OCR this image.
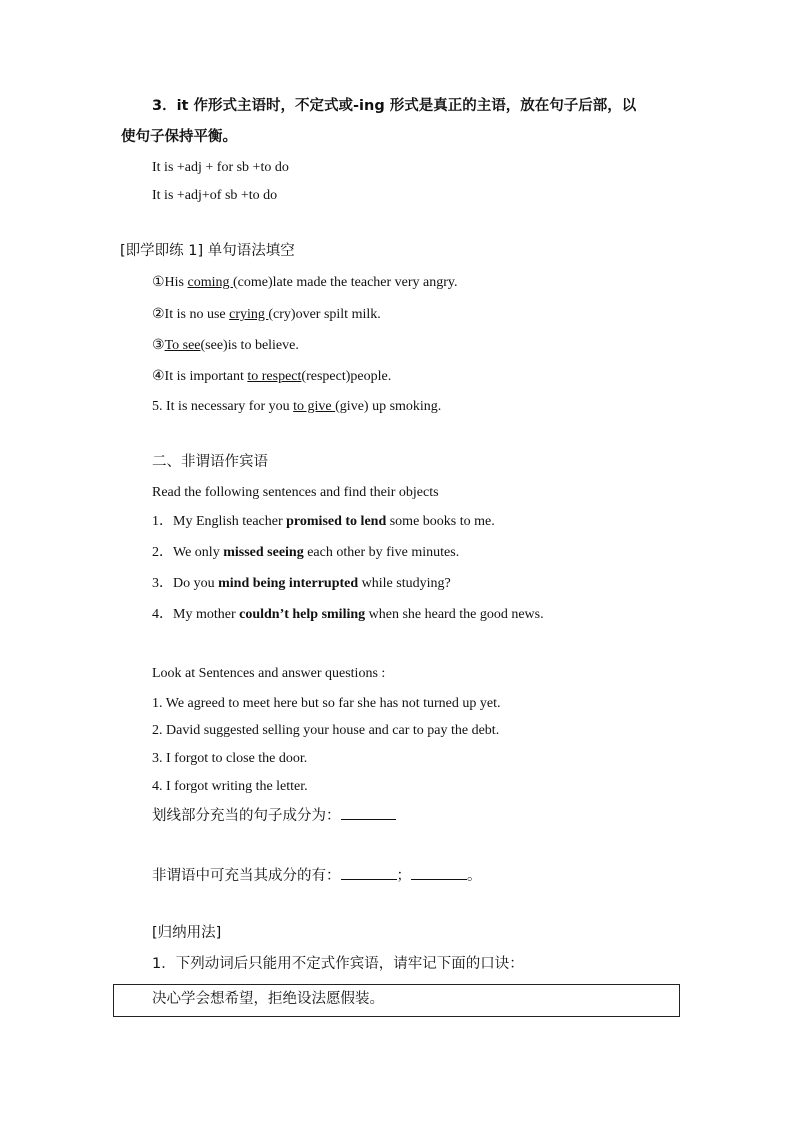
3．it 作形式主语时，不定式或-ing 形式是真正的主语，放在句子后部，以
使句子保持平衡。
It is +adj + for sb +to do
It is +adj+of sb +to do
[即学即练 1] 单句语法填空
①His coming (come)late made the teacher very angry.
②It is no use crying (cry)over spilt milk.
③To see(see)is to believe.
④It is important to respect(respect)people.
5. It is necessary for you to give (give) up smoking.
二、非谓语作宾语
Read the following sentences and find their objects
1．My English teacher promised to lend some books to me.
2．We only missed seeing each other by five minutes.
3．Do you mind being interrupted while studying?
4．My mother couldn’t help smiling when she heard the good news.
Look at Sentences and answer questions :
1. We agreed to meet here but so far she has not turned up yet.
2. David suggested selling your house and car to pay the debt.
3. I forgot to close the door.
4. I forgot writing the letter.
划线部分充当的句子成分为：
非谓语中可充当其成分的有：	；	。
[归纳用法]
1．下列动词后只能用不定式作宾语，请牢记下面的口诀：
决心学会想希望，拒绝设法愿假装。
